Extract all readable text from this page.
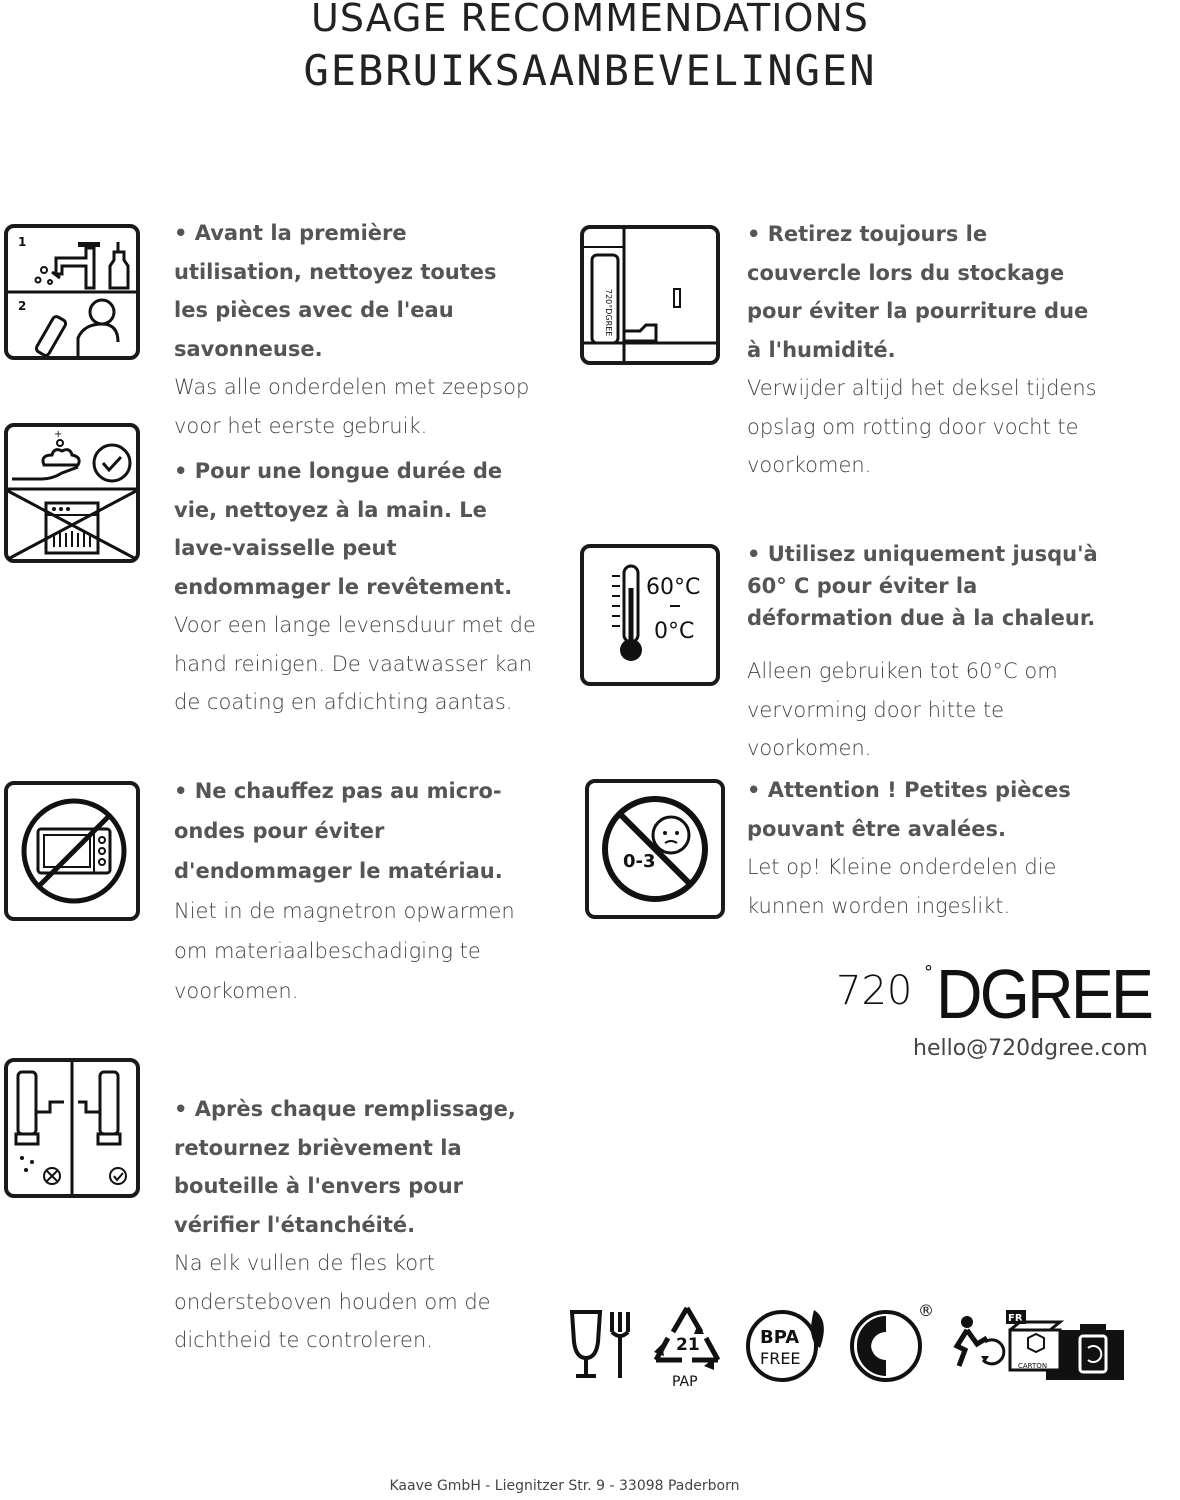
USAGE RECOMMENDATIONS
GEBRUIKSAANBEVELINGEN
1
2
• Avant la première utilisation, nettoyez toutes les pièces avec de l'eau savonneuse.
Was alle onderdelen met zeepsop voor het eerste gebruik.
+
• Pour une longue durée de vie, nettoyez à la main. Le lave-vaisselle peut endommager le revêtement.
Voor een lange levensduur met de hand reinigen. De vaatwasser kan de coating en afdichting aantas.
• Ne chauffez pas au micro-ondes pour éviter d'endommager le matériau.
Niet in de magnetron opwarmen om materiaalbeschadiging te voorkomen.
• Après chaque remplissage, retournez brièvement la bouteille à l'envers pour vérifier l'étanchéité.
Na elk vullen de fles kort ondersteboven houden om de dichtheid te controleren.
720°DGREE
• Retirez toujours le couvercle lors du stockage pour éviter la pourriture due à l'humidité.
Verwijder altijd het deksel tijdens opslag om rotting door vocht te voorkomen.
60°C
0°C
• Utilisez uniquement jusqu'à 60° C pour éviter la déformation due à la chaleur.
Alleen gebruiken tot 60°C om vervorming door hitte te voorkomen.
0-3
• Attention ! Petites pièces pouvant être avalées.
Let op! Kleine onderdelen die kunnen worden ingeslikt.
720 ° DGREE
hello@720dgree.com
21
PAP
BPA
FREE
®	FR
CARTON
Kaave GmbH - Liegnitzer Str. 9 - 33098 Paderborn
